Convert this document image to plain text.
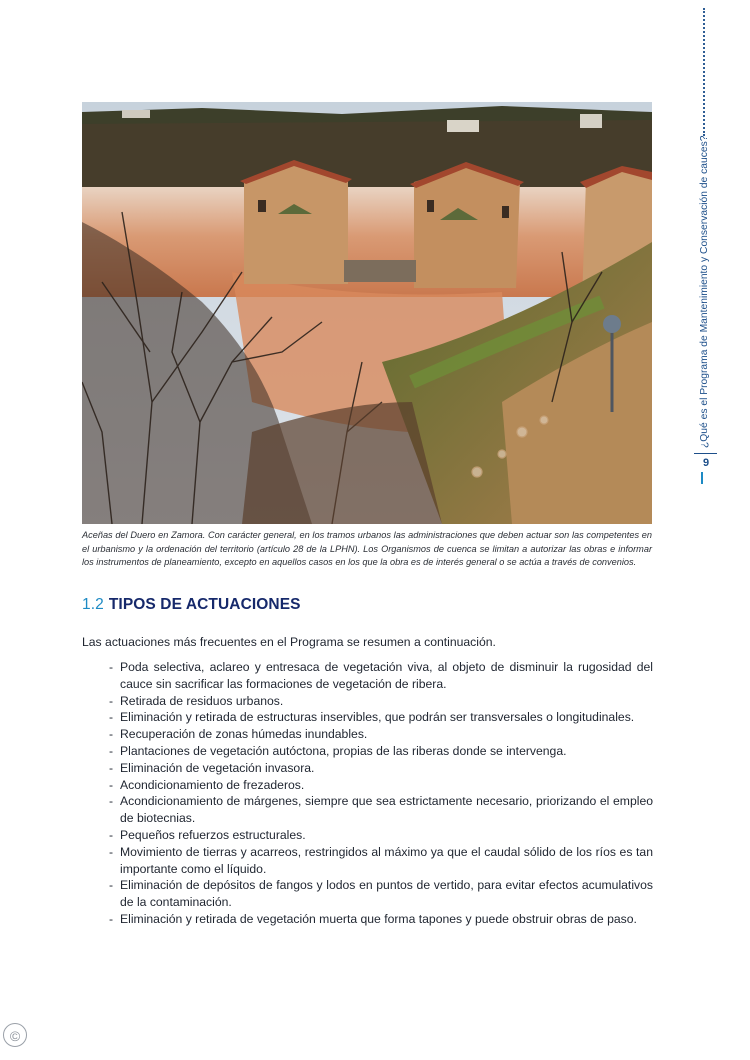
Aceñas del Duero en Zamora. Con carácter general, en los tramos urbanos las administraciones que deben actuar son las competentes en el urbanismo y la ordenación del territorio (artículo 28 de la LPHN). Los Organismos de cuenca se limitan a autorizar las obras e informar los instrumentos de planeamiento, excepto en aquellos casos en los que la obra es de interés general o se actúa a través de convenios.

1.2 TIPOS DE ACTUACIONES

Las actuaciones más frecuentes en el Programa se resumen a continuación.

- Poda selectiva, aclareo y entresaca de vegetación viva, al objeto de disminuir la rugosidad del cauce sin sacrificar las formaciones de vegetación de ribera.
- Retirada de residuos urbanos.
- Eliminación y retirada de estructuras inservibles, que podrán ser transversales o longitudinales.
- Recuperación de zonas húmedas inundables.
- Plantaciones de vegetación autóctona, propias de las riberas donde se intervenga.
- Eliminación de vegetación invasora.
- Acondicionamiento de frezaderos.
- Acondicionamiento de márgenes, siempre que sea estrictamente necesario, priorizando el empleo de biotecnias.
- Pequeños refuerzos estructurales.
- Movimiento de tierras y acarreos, restringidos al máximo ya que el caudal sólido de los ríos es tan importante como el líquido.
- Eliminación de depósitos de fangos y lodos en puntos de vertido, para evitar efectos acumulativos de la contaminación.
- Eliminación y retirada de vegetación muerta que forma tapones y puede obstruir obras de paso.
¿Qué es el Programa de Mantenimiento y Conservación de cauces?
9
©
